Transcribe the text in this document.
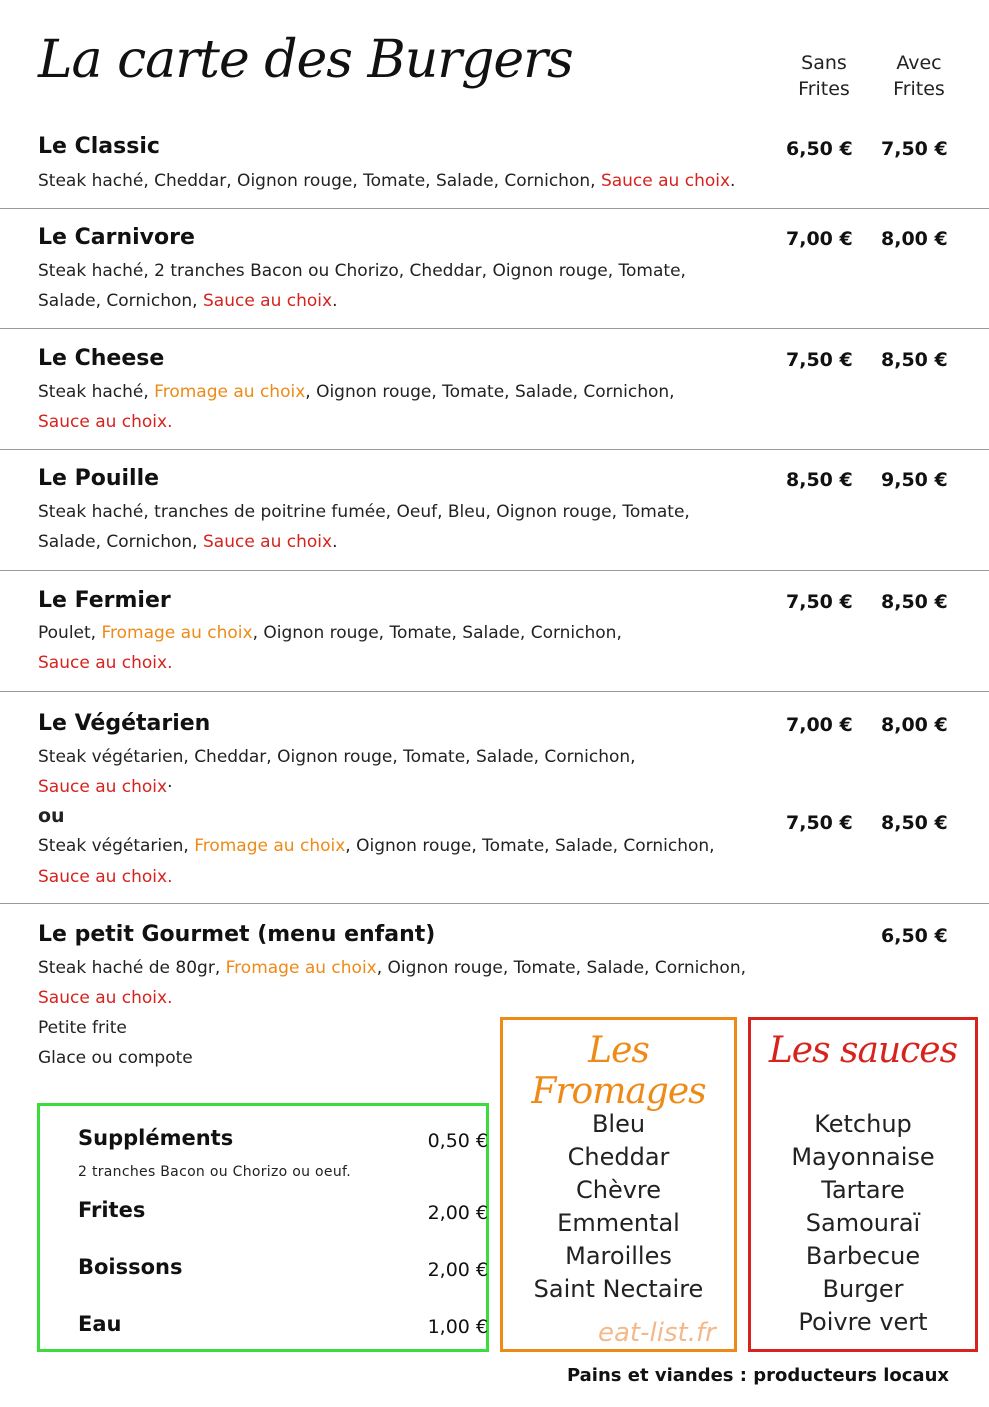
La carte des Burgers	Sans
Frites
Avec
Frites
Le Classic	6,50 € 7,50 €
Steak haché, Cheddar, Oignon rouge, Tomate, Salade, Cornichon, Sauce au choix.
Le Carnivore	7,00 € 8,00 €
Steak haché, 2 tranches Bacon ou Chorizo, Cheddar, Oignon rouge, Tomate,
Salade, Cornichon, Sauce au choix.
Le Cheese	7,50 € 8,50 €
Steak haché, Fromage au choix, Oignon rouge, Tomate, Salade, Cornichon,
Sauce au choix.
Le Pouille	8,50 € 9,50 €
Steak haché, tranches de poitrine fumée, Oeuf, Bleu, Oignon rouge, Tomate,
Salade, Cornichon, Sauce au choix.
Le Fermier	7,50 € 8,50 €
Poulet, Fromage au choix, Oignon rouge, Tomate, Salade, Cornichon,
Sauce au choix.
Le Végétarien	7,00 € 8,00 €
Steak végétarien, Cheddar, Oignon rouge, Tomate, Salade, Cornichon,
Sauce au choix·
ou	7,50 € 8,50 €
Steak végétarien, Fromage au choix, Oignon rouge, Tomate, Salade, Cornichon,
Sauce au choix.
Le petit Gourmet (menu enfant)	6,50 €
Steak haché de 80gr, Fromage au choix, Oignon rouge, Tomate, Salade, Cornichon,
Sauce au choix.
Petite frite
Glace ou compote
Suppléments	0,50 €
2 tranches Bacon ou Chorizo ou oeuf.
Frites	2,00 €
Boissons	2,00 €
Eau	1,00 €
Les Fromages
Bleu
Cheddar
Chèvre
Emmental
Maroilles
Saint Nectaire
Les sauces
Ketchup
Mayonnaise
Tartare
Samouraï
Barbecue
Burger
Poivre vert
eat-list.fr
Pains et viandes : producteurs locaux
